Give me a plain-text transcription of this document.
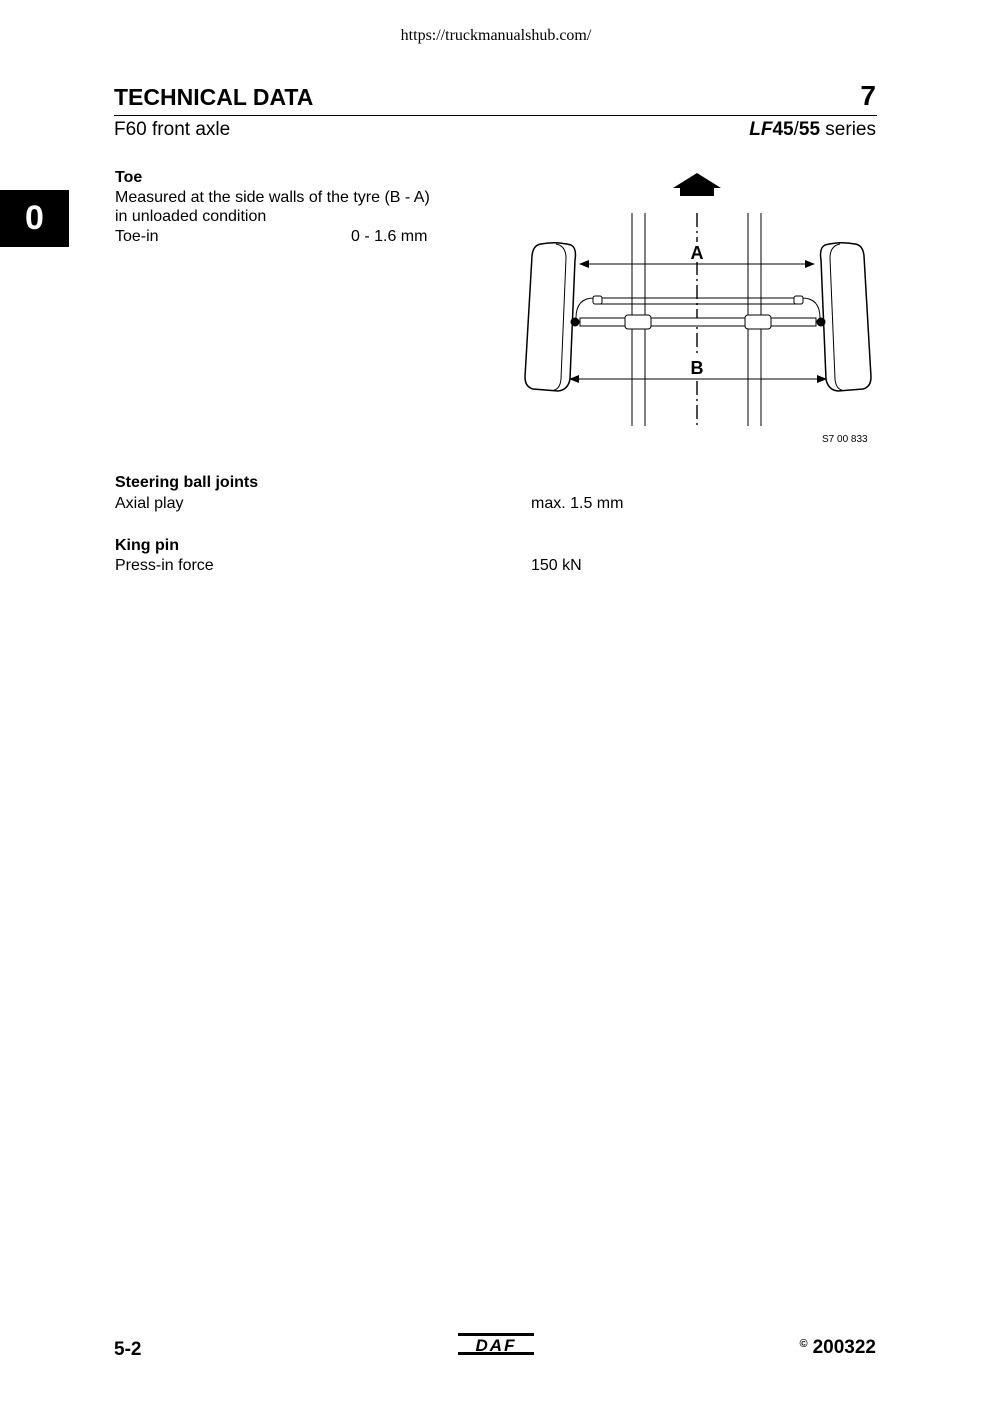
https://truckmanualshub.com/
TECHNICAL DATA	7
F60 front axle	LF45/55 series
0
Toe
Measured at the side walls of the tyre (B - A)
in unloaded condition
Toe-in	0 - 1.6 mm
A
B
S7 00 833
Steering ball joints
Axial play	max. 1.5 mm
King pin
Press-in force	150 kN
5-2	DAF	© 200322
